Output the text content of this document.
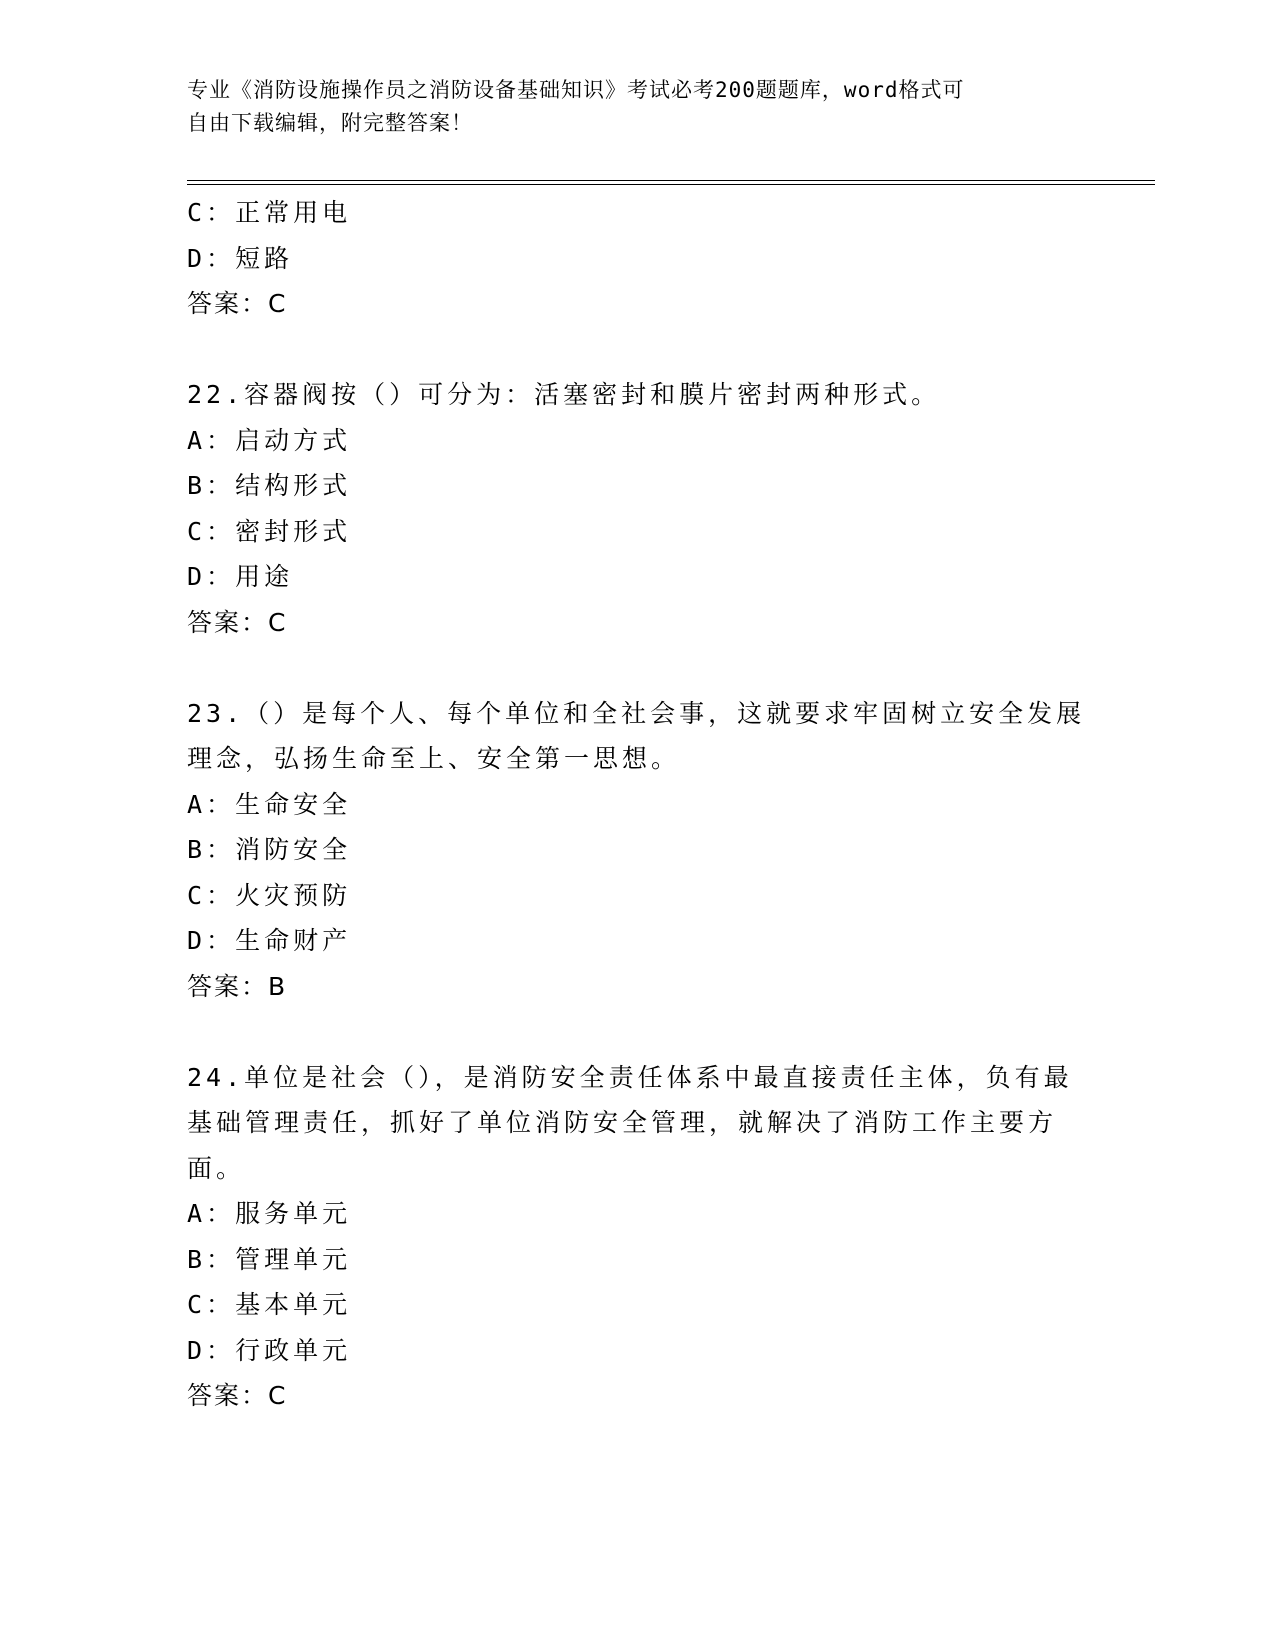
专业《消防设施操作员之消防设备基础知识》考试必考200题题库，word格式可
自由下载编辑，附完整答案！
C：正常用电
D：短路
答案：C
22.容器阀按（）可分为：活塞密封和膜片密封两种形式。
A：启动方式
B：结构形式
C：密封形式
D：用途
答案：C
23.（）是每个人、每个单位和全社会事，这就要求牢固树立安全发展理念，弘扬生命至上、安全第一思想。
A：生命安全
B：消防安全
C：火灾预防
D：生命财产
答案：B
24.单位是社会（），是消防安全责任体系中最直接责任主体，负有最基础管理责任，抓好了单位消防安全管理，就解决了消防工作主要方面。
A：服务单元
B：管理单元
C：基本单元
D：行政单元
答案：C
